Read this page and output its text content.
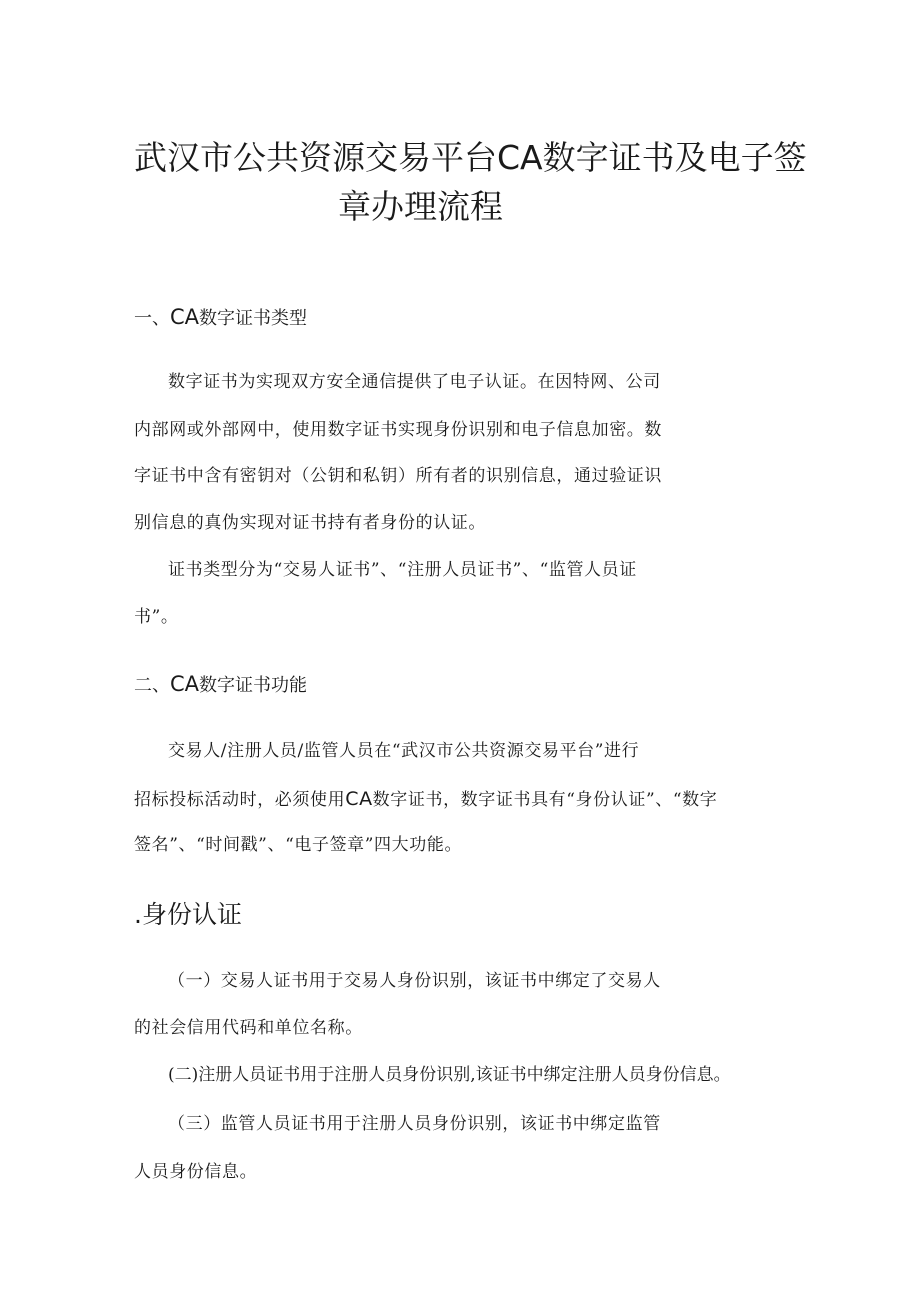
武汉市公共资源交易平台CA数字证书及电子签
章办理流程
一、CA数字证书类型
数字证书为实现双方安全通信提供了电子认证。在因特网、公司
内部网或外部网中，使用数字证书实现身份识别和电子信息加密。数
字证书中含有密钥对（公钥和私钥）所有者的识别信息，通过验证识
别信息的真伪实现对证书持有者身份的认证。
证书类型分为“交易人证书”、“注册人员证书”、“监管人员证
书”。
二、CA数字证书功能
交易人/注册人员/监管人员在“武汉市公共资源交易平台”进行
招标投标活动时，必须使用CA数字证书，数字证书具有“身份认证”、“数字
签名”、“时间戳”、“电子签章”四大功能。
.身份认证
（一）交易人证书用于交易人身份识别，该证书中绑定了交易人
的社会信用代码和单位名称。
(二)注册人员证书用于注册人员身份识别,该证书中绑定注册人员身份信息。
（三）监管人员证书用于注册人员身份识别，该证书中绑定监管
人员身份信息。
